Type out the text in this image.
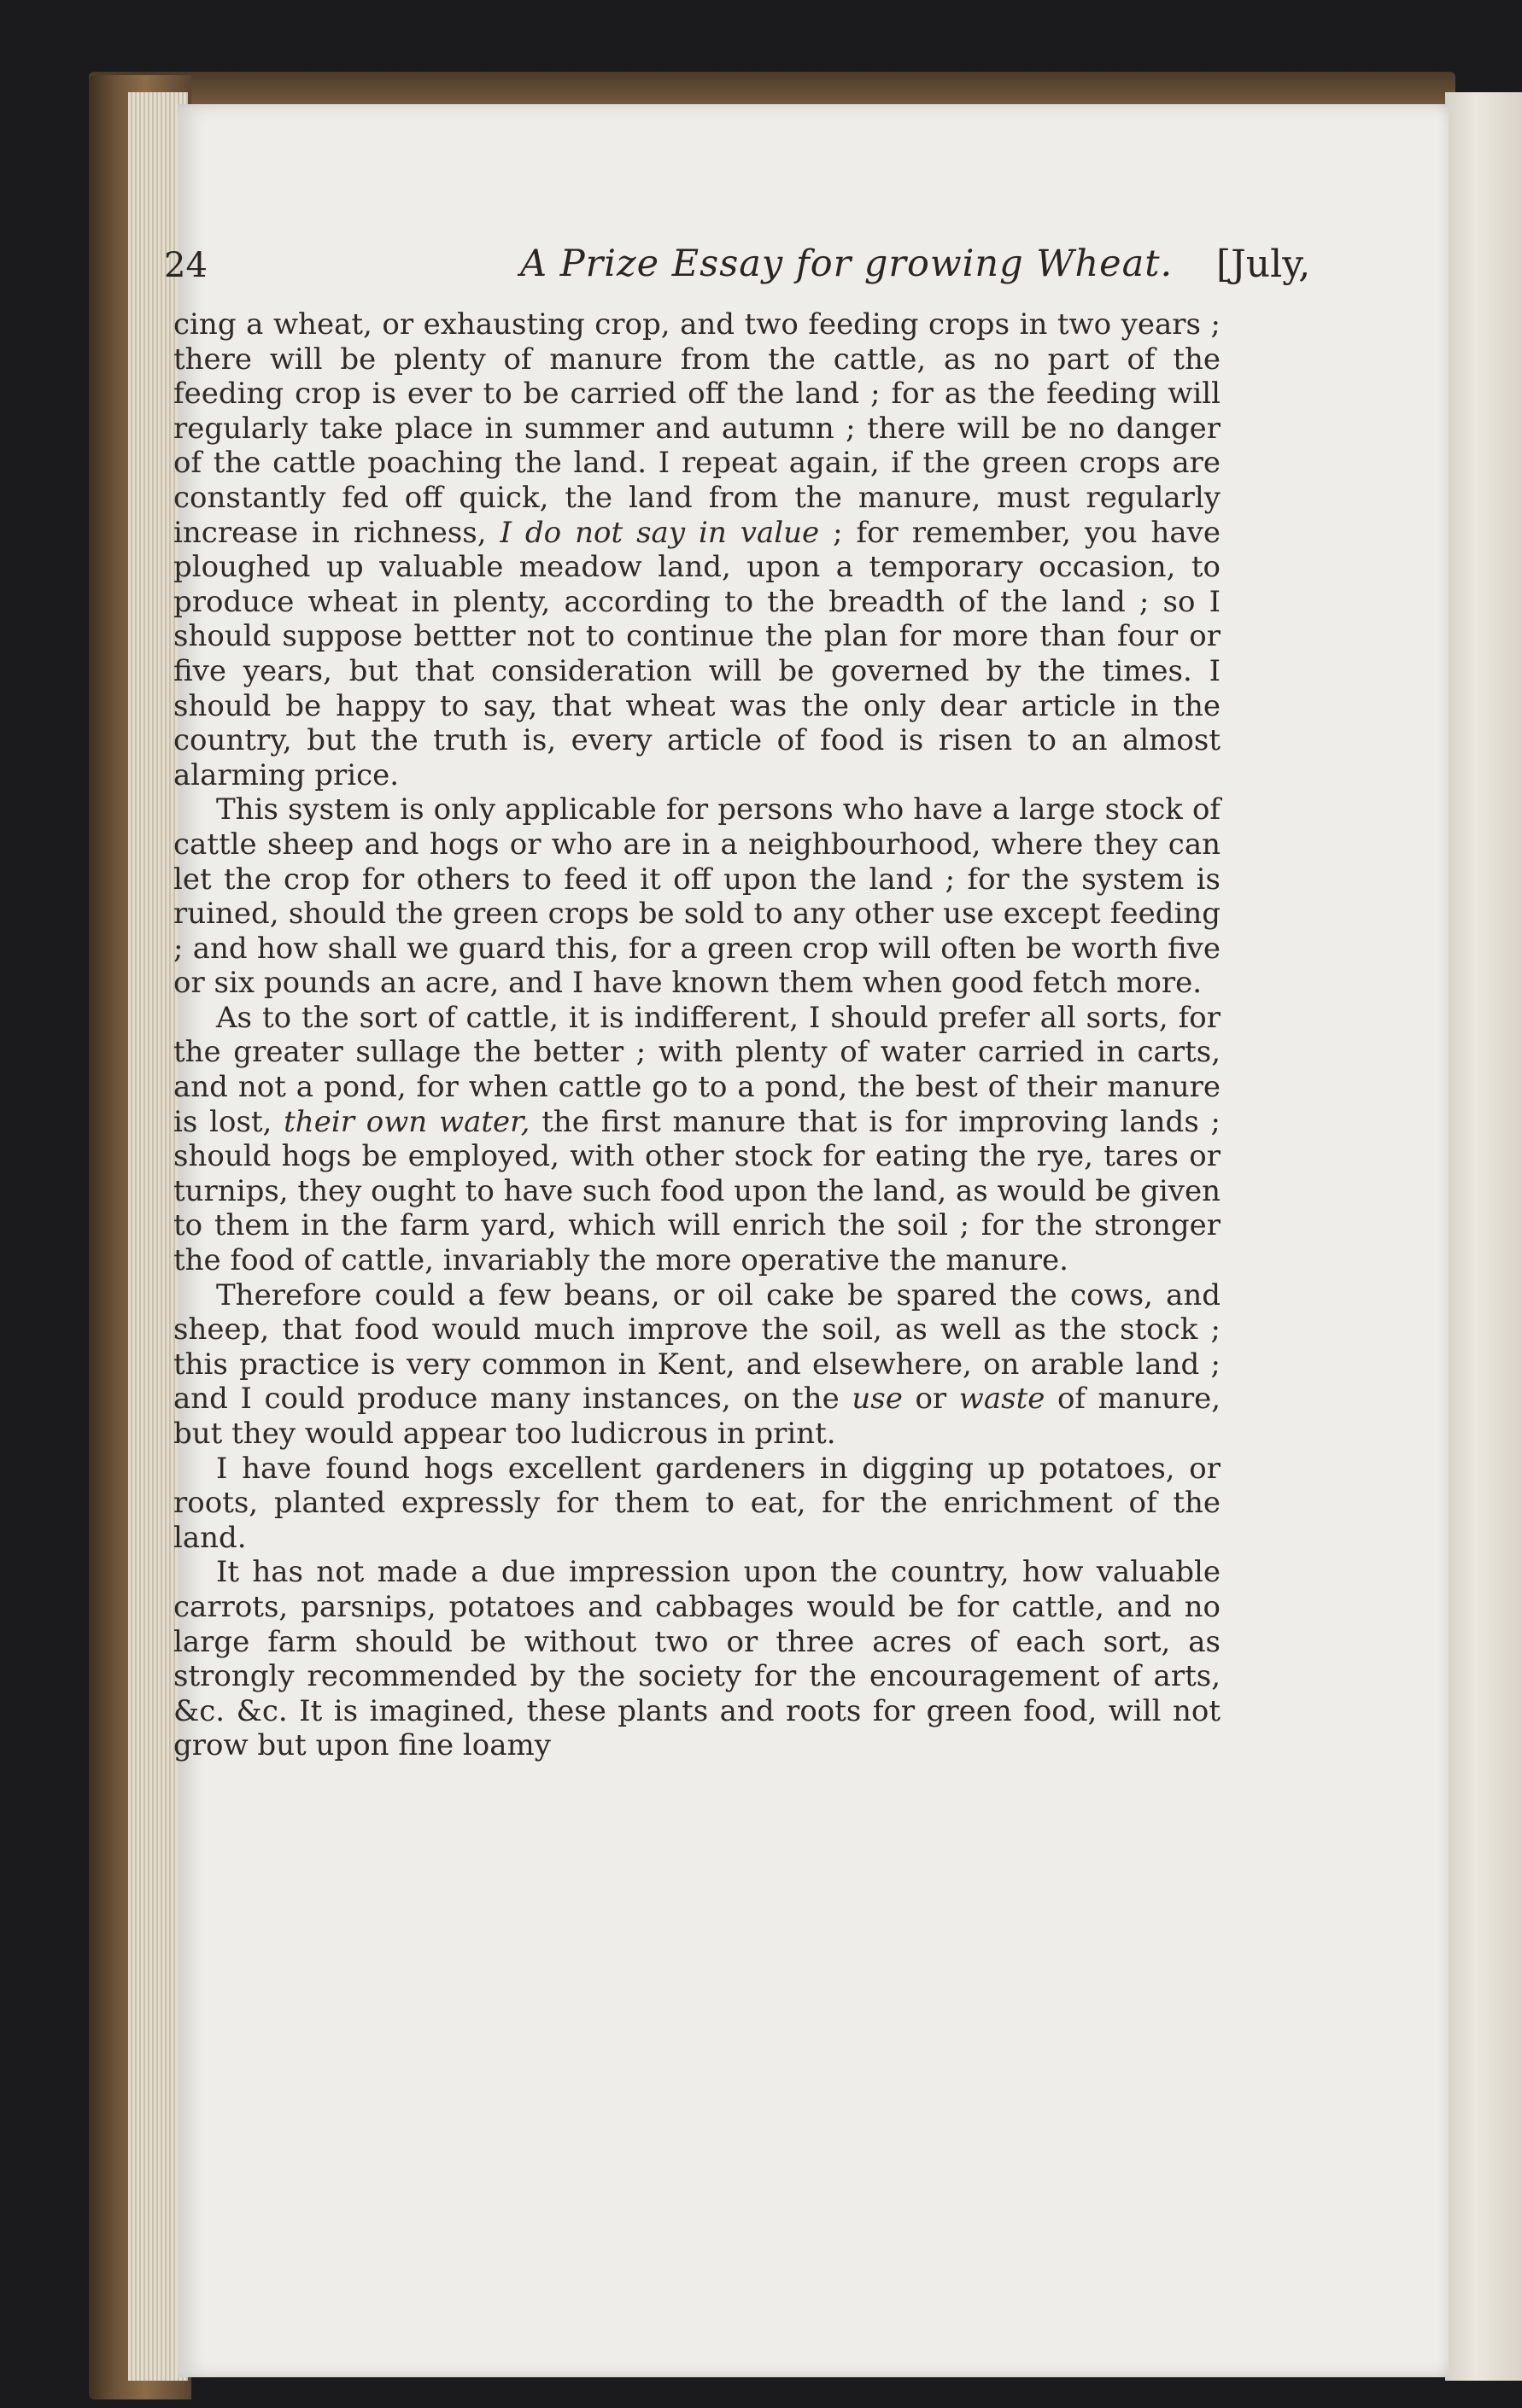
24	A Prize Essay for growing Wheat. [July,

cing a wheat, or exhausting crop, and two feeding crops in two years ; there will be plenty of manure from the cattle, as no part of the feeding crop is ever to be carried off the land ; for as the feeding will regularly take place in summer and autumn ; there will be no danger of the cattle poaching the land. I repeat again, if the green crops are constantly fed off quick, the land from the manure, must regularly increase in richness, I do not say in value ; for remember, you have ploughed up valuable meadow land, upon a temporary occasion, to produce wheat in plenty, according to the breadth of the land ; so I should suppose bettter not to continue the plan for more than four or five years, but that consideration will be governed by the times. I should be happy to say, that wheat was the only dear article in the country, but the truth is, every article of food is risen to an almost alarming price.

This system is only applicable for persons who have a large stock of cattle sheep and hogs or who are in a neighbourhood, where they can let the crop for others to feed it off upon the land ; for the system is ruined, should the green crops be sold to any other use except feeding ; and how shall we guard this, for a green crop will often be worth five or six pounds an acre, and I have known them when good fetch more.

As to the sort of cattle, it is indifferent, I should prefer all sorts, for the greater sullage the better ; with plenty of water carried in carts, and not a pond, for when cattle go to a pond, the best of their manure is lost, their own water, the first manure that is for improving lands ; should hogs be employed, with other stock for eating the rye, tares or turnips, they ought to have such food upon the land, as would be given to them in the farm yard, which will enrich the soil ; for the stronger the food of cattle, invariably the more operative the manure.

Therefore could a few beans, or oil cake be spared the cows, and sheep, that food would much improve the soil, as well as the stock ; this practice is very common in Kent, and elsewhere, on arable land ; and I could produce many instances, on the use or waste of manure, but they would appear too ludicrous in print.

I have found hogs excellent gardeners in digging up potatoes, or roots, planted expressly for them to eat, for the enrichment of the land.

It has not made a due impression upon the country, how valuable carrots, parsnips, potatoes and cabbages would be for cattle, and no large farm should be without two or three acres of each sort, as strongly recommended by the society for the encouragement of arts, &c. &c. It is imagined, these plants and roots for green food, will not grow but upon fine loamy
